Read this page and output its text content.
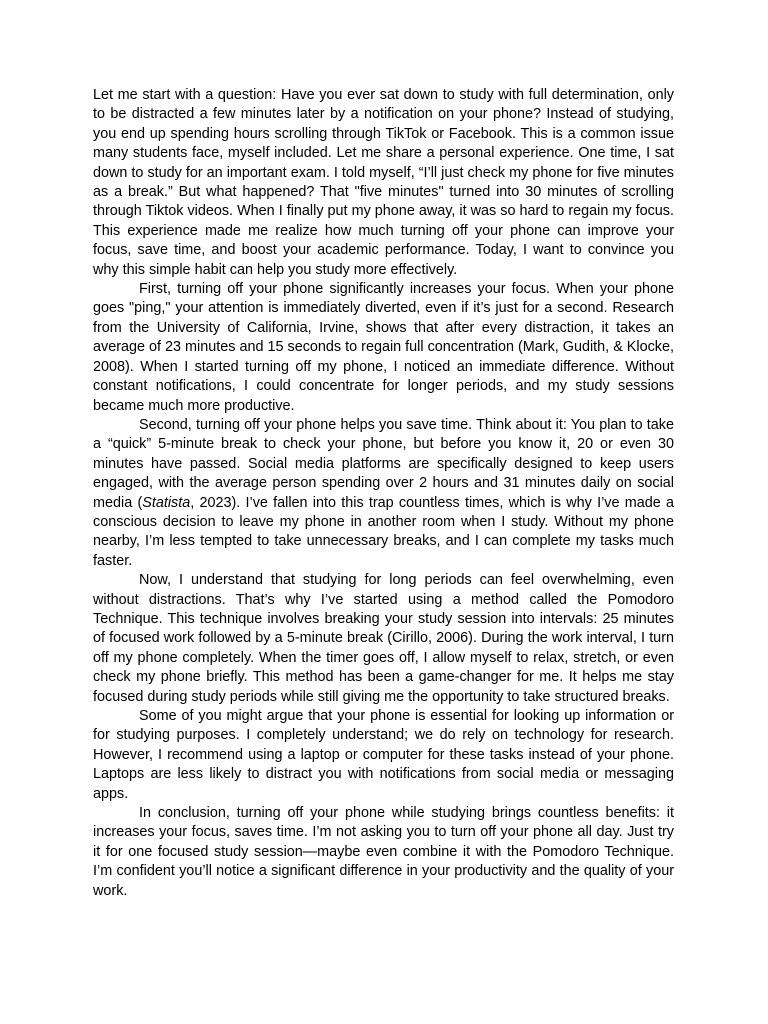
Let me start with a question: Have you ever sat down to study with full determination, only to be distracted a few minutes later by a notification on your phone? Instead of studying, you end up spending hours scrolling through TikTok or Facebook. This is a common issue many students face, myself included. Let me share a personal experience. One time, I sat down to study for an important exam. I told myself, “I’ll just check my phone for five minutes as a break.” But what happened? That "five minutes" turned into 30 minutes of scrolling through Tiktok videos. When I finally put my phone away, it was so hard to regain my focus. This experience made me realize how much turning off your phone can improve your focus, save time, and boost your academic performance. Today, I want to convince you why this simple habit can help you study more effectively.

First, turning off your phone significantly increases your focus. When your phone goes "ping," your attention is immediately diverted, even if it’s just for a second. Research from the University of California, Irvine, shows that after every distraction, it takes an average of 23 minutes and 15 seconds to regain full concentration (Mark, Gudith, & Klocke, 2008). When I started turning off my phone, I noticed an immediate difference. Without constant notifications, I could concentrate for longer periods, and my study sessions became much more productive.

Second, turning off your phone helps you save time. Think about it: You plan to take a “quick” 5-minute break to check your phone, but before you know it, 20 or even 30 minutes have passed. Social media platforms are specifically designed to keep users engaged, with the average person spending over 2 hours and 31 minutes daily on social media (Statista, 2023). I’ve fallen into this trap countless times, which is why I’ve made a conscious decision to leave my phone in another room when I study. Without my phone nearby, I’m less tempted to take unnecessary breaks, and I can complete my tasks much faster.

Now, I understand that studying for long periods can feel overwhelming, even without distractions. That’s why I’ve started using a method called the Pomodoro Technique. This technique involves breaking your study session into intervals: 25 minutes of focused work followed by a 5-minute break (Cirillo, 2006). During the work interval, I turn off my phone completely. When the timer goes off, I allow myself to relax, stretch, or even check my phone briefly. This method has been a game-changer for me. It helps me stay focused during study periods while still giving me the opportunity to take structured breaks.

Some of you might argue that your phone is essential for looking up information or for studying purposes. I completely understand; we do rely on technology for research. However, I recommend using a laptop or computer for these tasks instead of your phone. Laptops are less likely to distract you with notifications from social media or messaging apps.

In conclusion, turning off your phone while studying brings countless benefits: it increases your focus, saves time. I’m not asking you to turn off your phone all day. Just try it for one focused study session—maybe even combine it with the Pomodoro Technique. I’m confident you’ll notice a significant difference in your productivity and the quality of your work.
